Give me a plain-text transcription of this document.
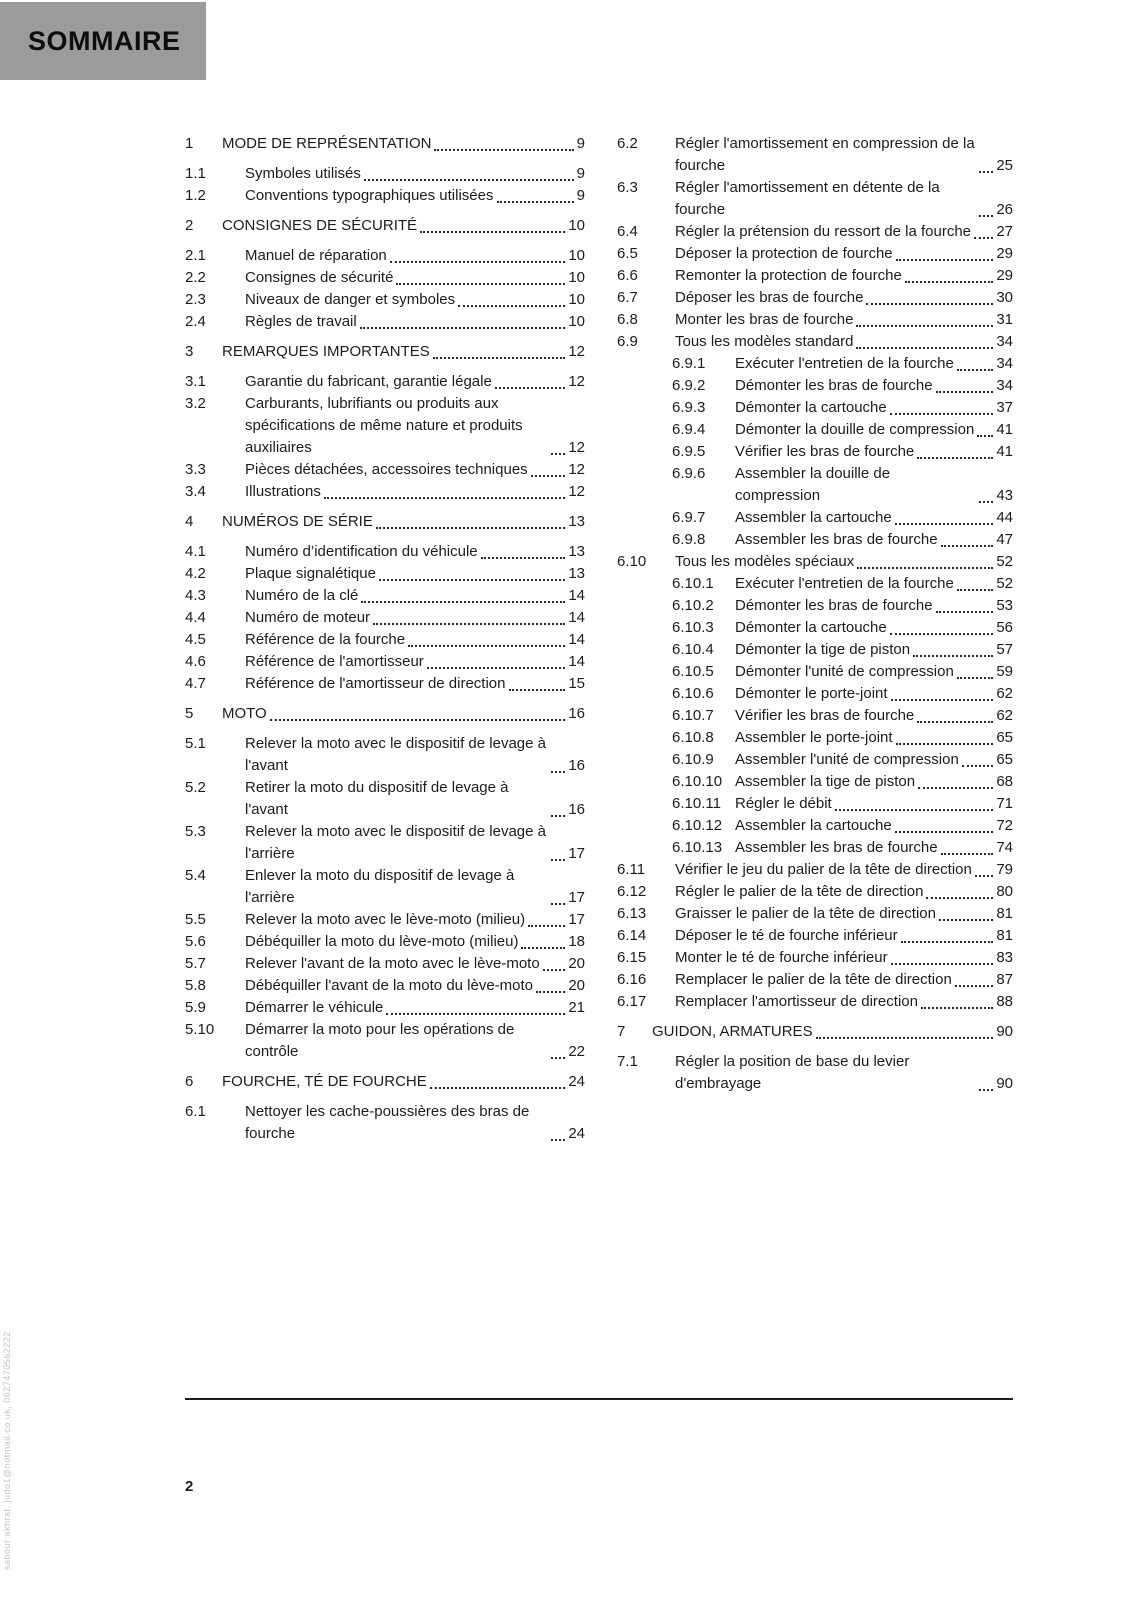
SOMMAIRE
1	MODE DE REPRÉSENTATION	9
1.1	Symboles utilisés	9
1.2	Conventions typographiques utilisées	9
2	CONSIGNES DE SÉCURITÉ	10
2.1	Manuel de réparation	10
2.2	Consignes de sécurité	10
2.3	Niveaux de danger et symboles	10
2.4	Règles de travail	10
3	REMARQUES IMPORTANTES	12
3.1	Garantie du fabricant, garantie légale	12
3.2	Carburants, lubrifiants ou produits aux spécifications de même nature et produits auxiliaires	12
3.3	Pièces détachées, accessoires techniques	12
3.4	Illustrations	12
4	NUMÉROS DE SÉRIE	13
4.1	Numéro d’identification du véhicule	13
4.2	Plaque signalétique	13
4.3	Numéro de la clé	14
4.4	Numéro de moteur	14
4.5	Référence de la fourche	14
4.6	Référence de l'amortisseur	14
4.7	Référence de l'amortisseur de direction	15
5	MOTO	16
5.1	Relever la moto avec le dispositif de levage à l'avant	16
5.2	Retirer la moto du dispositif de levage à l'avant	16
5.3	Relever la moto avec le dispositif de levage à l'arrière	17
5.4	Enlever la moto du dispositif de levage à l'arrière	17
5.5	Relever la moto avec le lève-moto (milieu)	17
5.6	Débéquiller la moto du lève-moto (milieu)	18
5.7	Relever l'avant de la moto avec le lève-moto 20
5.8	Débéquiller l'avant de la moto du lève-moto 20
5.9	Démarrer le véhicule	21
5.10	Démarrer la moto pour les opérations de contrôle	22
6	FOURCHE, TÉ DE FOURCHE	24
6.1	Nettoyer les cache-poussières des bras de fourche	24
6.2	Régler l'amortissement en compression de la fourche	25
6.3	Régler l'amortissement en détente de la fourche	26
6.4	Régler la prétension du ressort de la fourche 27
6.5	Déposer la protection de fourche	29
6.6	Remonter la protection de fourche	29
6.7	Déposer les bras de fourche	30
6.8	Monter les bras de fourche	31
6.9	Tous les modèles standard	34
6.9.1	Exécuter l'entretien de la fourche	34
6.9.2	Démonter les bras de fourche	34
6.9.3	Démonter la cartouche	37
6.9.4	Démonter la douille de compression 41
6.9.5	Vérifier les bras de fourche	41
6.9.6	Assembler la douille de compression	43
6.9.7	Assembler la cartouche	44
6.9.8	Assembler les bras de fourche	47
6.10	Tous les modèles spéciaux	52
6.10.1	Exécuter l'entretien de la fourche	52
6.10.2	Démonter les bras de fourche	53
6.10.3	Démonter la cartouche	56
6.10.4	Démonter la tige de piston	57
6.10.5	Démonter l'unité de compression	59
6.10.6	Démonter le porte-joint	62
6.10.7	Vérifier les bras de fourche	62
6.10.8	Assembler le porte-joint	65
6.10.9	Assembler l'unité de compression	65
6.10.10 Assembler la tige de piston	68
6.10.11 Régler le débit	71
6.10.12 Assembler la cartouche	72
6.10.13 Assembler les bras de fourche	74
6.11	Vérifier le jeu du palier de la tête de direction 79
6.12	Régler le palier de la tête de direction	80
6.13	Graisser le palier de la tête de direction	81
6.14	Déposer le té de fourche inférieur	81
6.15	Monter le té de fourche inférieur	83
6.16	Remplacer le palier de la tête de direction	87
6.17	Remplacer l'amortisseur de direction	88
7	GUIDON, ARMATURES	90
7.1	Régler la position de base du levier d'embrayage	90
2
sabour akhrat. judo1@hotmail.co.uk, 0627470562222
